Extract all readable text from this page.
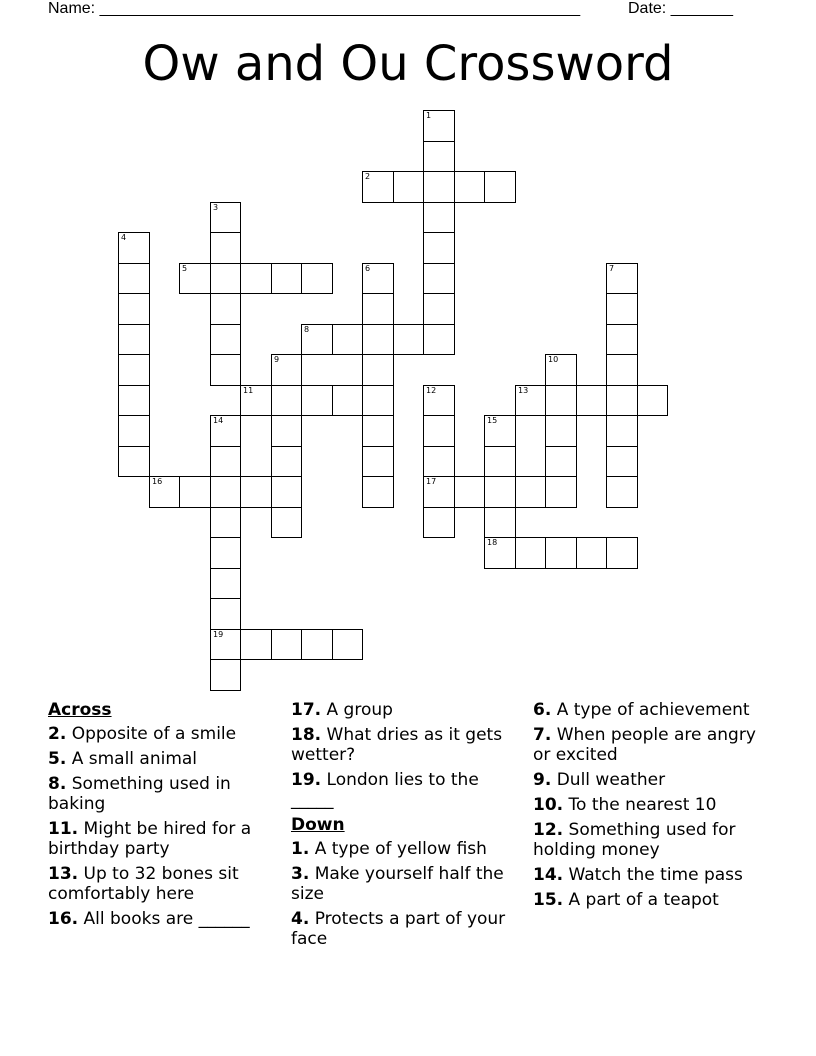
Name: ______________________________________________________	Date: _______
Ow and Ou Crossword
2
5
8
11	13
16	17
18
19
1
3
4
6	7
9	10
12
15
14
Across
2. Opposite of a smile
5. A small animal
8. Something used in baking
11. Might be hired for a birthday party
13. Up to 32 bones sit comfortably here
16. All books are ______
17. A group
18. What dries as it gets wetter?
19. London lies to the _____
Down
1. A type of yellow fish
3. Make yourself half the size
4. Protects a part of your face
6. A type of achievement
7. When people are angry or excited
9. Dull weather
10. To the nearest 10
12. Something used for holding money
14. Watch the time pass
15. A part of a teapot
